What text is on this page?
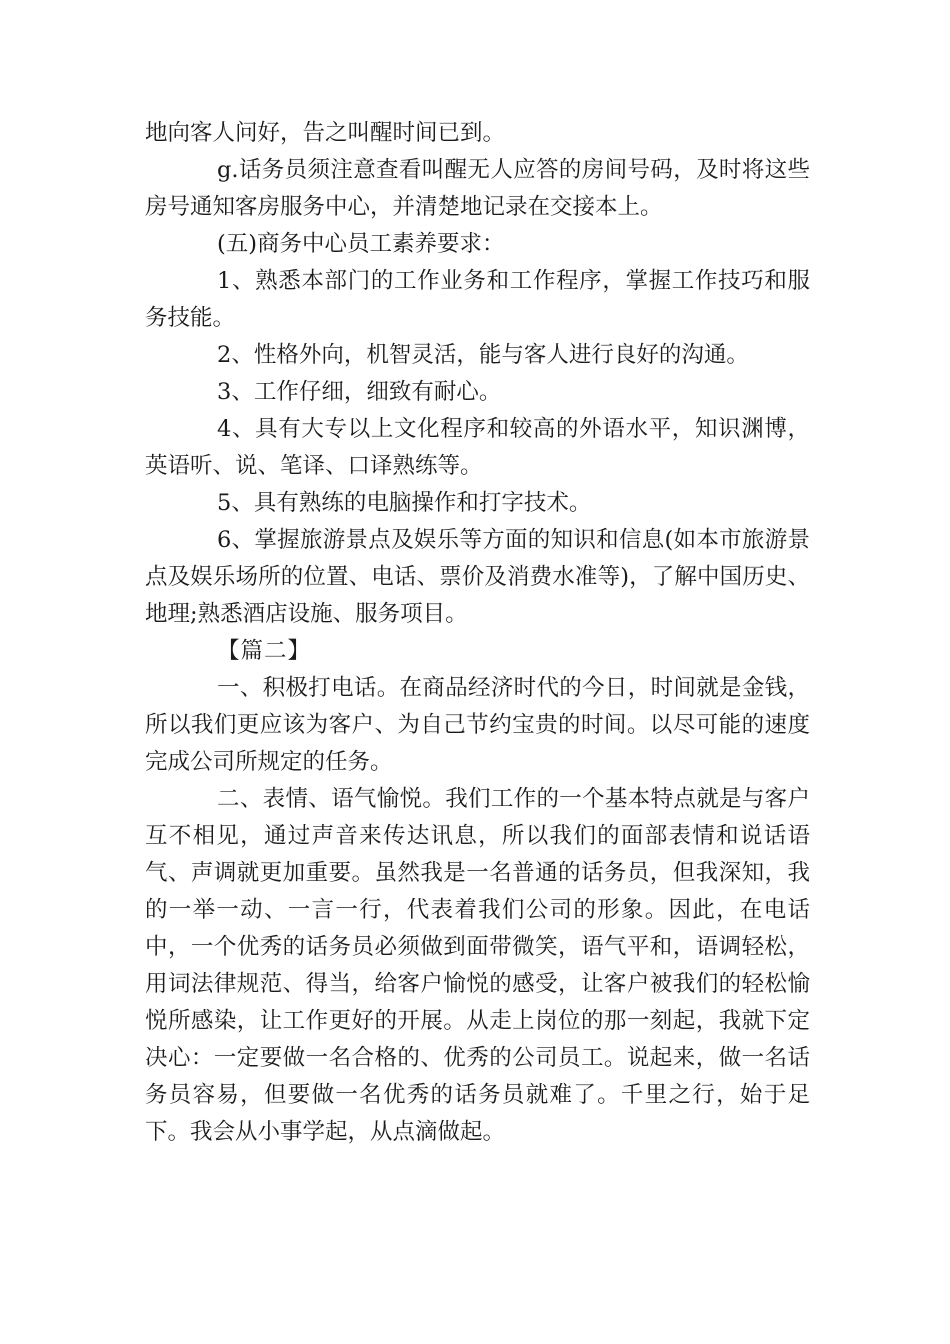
地向客人问好，告之叫醒时间已到。

g.话务员须注意查看叫醒无人应答的房间号码，及时将这些房号通知客房服务中心，并清楚地记录在交接本上。

(五)商务中心员工素养要求：

1、熟悉本部门的工作业务和工作程序，掌握工作技巧和服务技能。

2、性格外向，机智灵活，能与客人进行良好的沟通。

3、工作仔细，细致有耐心。

4、具有大专以上文化程序和较高的外语水平，知识渊博，英语听、说、笔译、口译熟练等。

5、具有熟练的电脑操作和打字技术。

6、掌握旅游景点及娱乐等方面的知识和信息(如本市旅游景点及娱乐场所的位置、电话、票价及消费水准等)，了解中国历史、地理;熟悉酒店设施、服务项目。

【篇二】

一、积极打电话。在商品经济时代的今日，时间就是金钱，所以我们更应该为客户、为自己节约宝贵的时间。以尽可能的速度完成公司所规定的任务。

二、表情、语气愉悦。我们工作的一个基本特点就是与客户互不相见，通过声音来传达讯息，所以我们的面部表情和说话语气、声调就更加重要。虽然我是一名普通的话务员，但我深知，我的一举一动、一言一行，代表着我们公司的形象。因此，在电话中，一个优秀的话务员必须做到面带微笑，语气平和，语调轻松，用词法律规范、得当，给客户愉悦的感受，让客户被我们的轻松愉悦所感染，让工作更好的开展。从走上岗位的那一刻起，我就下定决心：一定要做一名合格的、优秀的公司员工。说起来，做一名话务员容易，但要做一名优秀的话务员就难了。千里之行，始于足下。我会从小事学起，从点滴做起。
